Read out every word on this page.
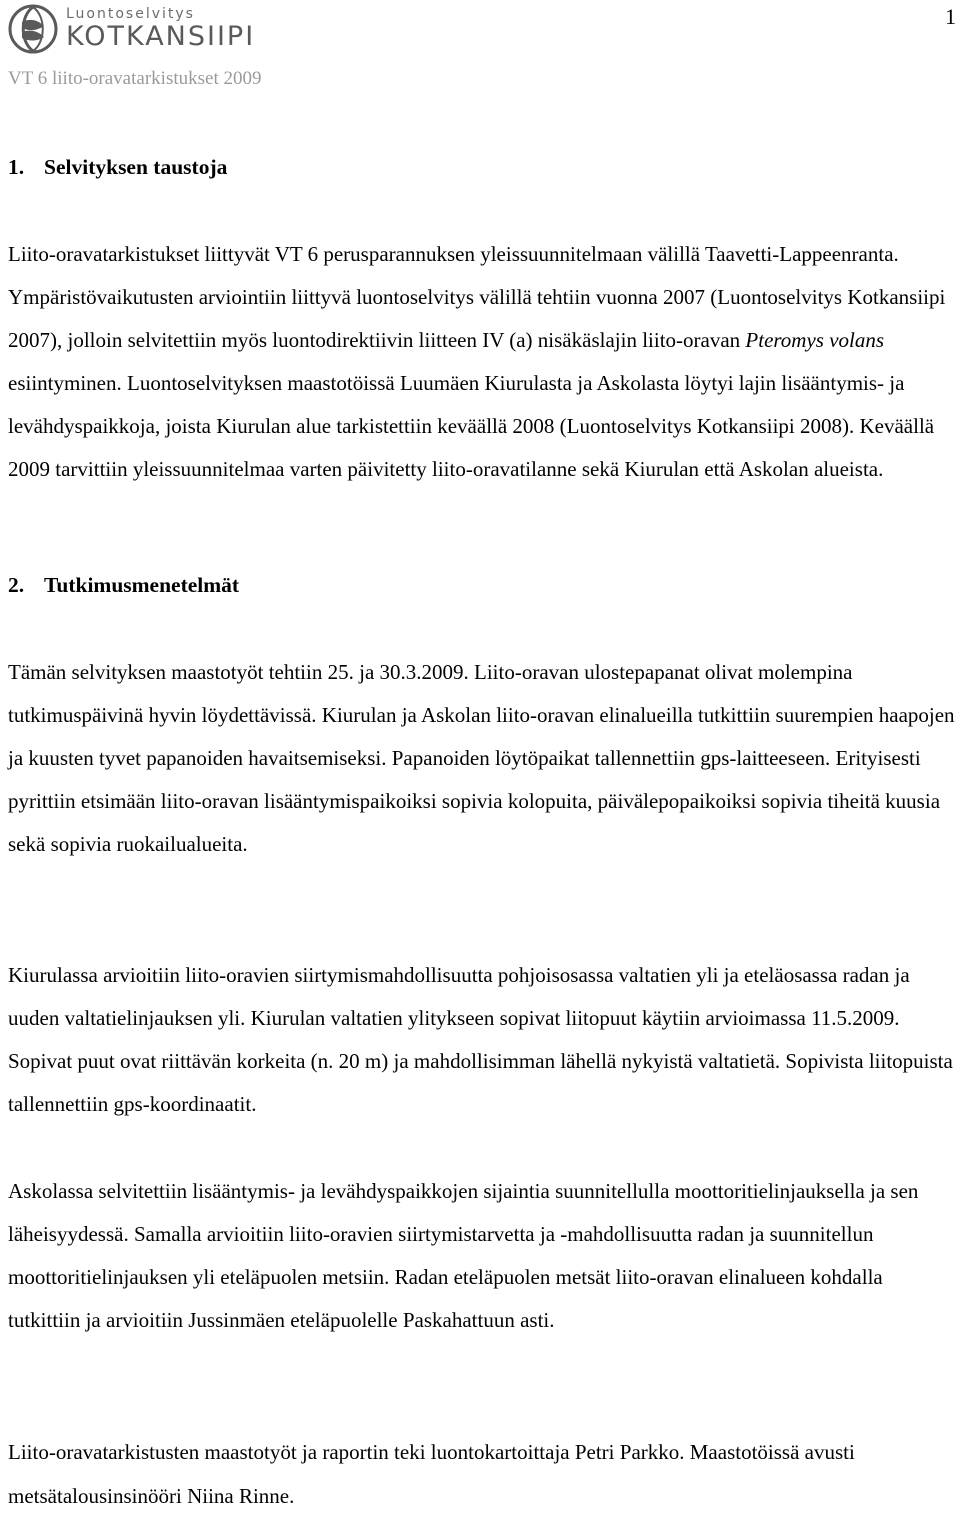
Luontoselvitys
KOTKANSIIPI
1
VT 6 liito-oravatarkistukset 2009
1. Selvityksen taustoja

Liito-oravatarkistukset liittyvät VT 6 perusparannuksen yleissuunnitelmaan välillä Taavetti-Lappeenranta. Ympäristövaikutusten arviointiin liittyvä luontoselvitys välillä tehtiin vuonna 2007 (Luontoselvitys Kotkansiipi 2007), jolloin selvitettiin myös luontodirektiivin liitteen IV (a) nisäkäslajin liito-oravan Pteromys volans esiintyminen. Luontoselvityksen maastotöissä Luumäen Kiurulasta ja Askolasta löytyi lajin lisääntymis- ja levähdyspaikkoja, joista Kiurulan alue tarkistettiin keväällä 2008 (Luontoselvitys Kotkansiipi 2008). Keväällä 2009 tarvittiin yleissuunnitelmaa varten päivitetty liito-oravatilanne sekä Kiurulan että Askolan alueista.

2. Tutkimusmenetelmät

Tämän selvityksen maastotyöt tehtiin 25. ja 30.3.2009. Liito-oravan ulostepapanat olivat molempina tutkimuspäivinä hyvin löydettävissä. Kiurulan ja Askolan liito-oravan elinalueilla tutkittiin suurempien haapojen ja kuusten tyvet papanoiden havaitsemiseksi. Papanoiden löytöpaikat tallennettiin gps-laitteeseen. Erityisesti pyrittiin etsimään liito-oravan lisääntymispaikoiksi sopivia kolopuita, päivälepopaikoiksi sopivia tiheitä kuusia sekä sopivia ruokailualueita.

Kiurulassa arvioitiin liito-oravien siirtymismahdollisuutta pohjoisosassa valtatien yli ja eteläosassa radan ja uuden valtatielinjauksen yli. Kiurulan valtatien ylitykseen sopivat liitopuut käytiin arvioimassa 11.5.2009. Sopivat puut ovat riittävän korkeita (n. 20 m) ja mahdollisimman lähellä nykyistä valtatietä. Sopivista liitopuista tallennettiin gps-koordinaatit.

Askolassa selvitettiin lisääntymis- ja levähdyspaikkojen sijaintia suunnitellulla moottoritielinjauksella ja sen läheisyydessä. Samalla arvioitiin liito-oravien siirtymistarvetta ja -mahdollisuutta radan ja suunnitellun moottoritielinjauksen yli eteläpuolen metsiin. Radan eteläpuolen metsät liito-oravan elinalueen kohdalla tutkittiin ja arvioitiin Jussinmäen eteläpuolelle Paskahattuun asti.

Liito-oravatarkistusten maastotyöt ja raportin teki luontokartoittaja Petri Parkko. Maastotöissä avusti metsätalousinsinööri Niina Rinne.
